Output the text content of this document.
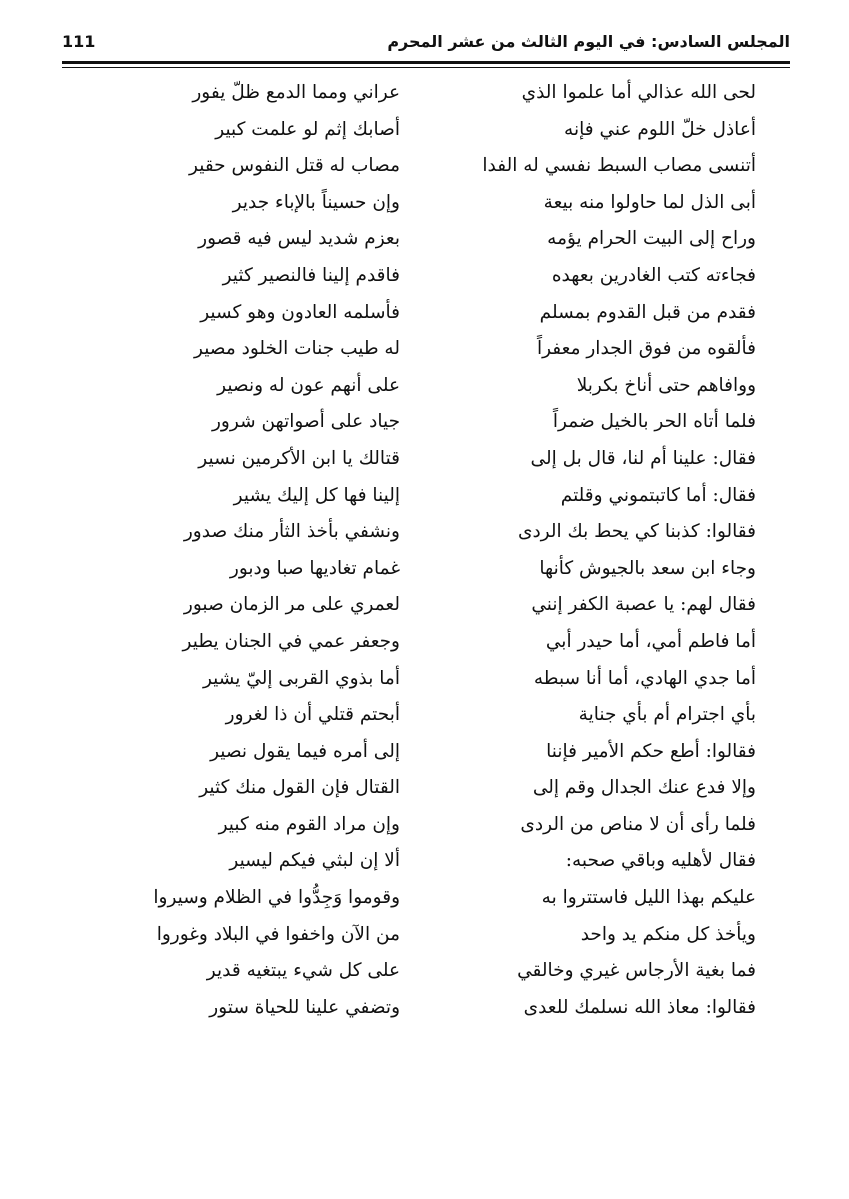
المجلس السادس: في اليوم الثالث من عشر المحرم
111
لحى الله عذالي أما علموا الذي
أعاذل خلّ اللوم عني فإنه
أتنسى مصاب السبط نفسي له الفدا
أبى الذل لما حاولوا منه بيعة
وراح إلى البيت الحرام يؤمه
فجاءته كتب الغادرين بعهده
فقدم من قبل القدوم بمسلم
فألقوه من فوق الجدار معفراً
ووافاهم حتى أناخ بكربلا
فلما أتاه الحر بالخيل ضمراً
فقال: علينا أم لنا، قال بل إلى
فقال: أما كاتبتموني وقلتم
فقالوا: كذبنا كي يحط بك الردى
وجاء ابن سعد بالجيوش كأنها
فقال لهم: يا عصبة الكفر إنني
أما فاطم أمي، أما حيدر أبي
أما جدي الهادي، أما أنا سبطه
بأي اجترام أم بأي جناية
فقالوا: أطع حكم الأمير فإننا
وإلا فدع عنك الجدال وقم إلى
فلما رأى أن لا مناص من الردى
فقال لأهليه وباقي صحبه:
عليكم بهذا الليل فاستتروا به
ويأخذ كل منكم يد واحد
فما بغية الأرجاس غيري وخالقي
فقالوا: معاذ الله نسلمك للعدى
عراني ومما الدمع ظلّ يفور
أصابك إثم لو علمت كبير
مصاب له قتل النفوس حقير
وإن حسيناً بالإباء جدير
بعزم شديد ليس فيه قصور
فاقدم إلينا فالنصير كثير
فأسلمه العادون وهو كسير
له طيب جنات الخلود مصير
على أنهم عون له ونصير
جياد على أصواتهن شرور
قتالك يا ابن الأكرمين نسير
إلينا فها كل إليك يشير
ونشفي بأخذ الثأر منك صدور
غمام تغاديها صبا ودبور
لعمري على مر الزمان صبور
وجعفر عمي في الجنان يطير
أما بذوي القربى إليّ يشير
أبحتم قتلي أن ذا لغرور
إلى أمره فيما يقول نصير
القتال فإن القول منك كثير
وإن مراد القوم منه كبير
ألا إن لبثي فيكم ليسير
وقوموا وَجِدُّوا في الظلام وسيروا
من الآن واخفوا في البلاد وغوروا
على كل شيء يبتغيه قدير
وتضفي علينا للحياة ستور
